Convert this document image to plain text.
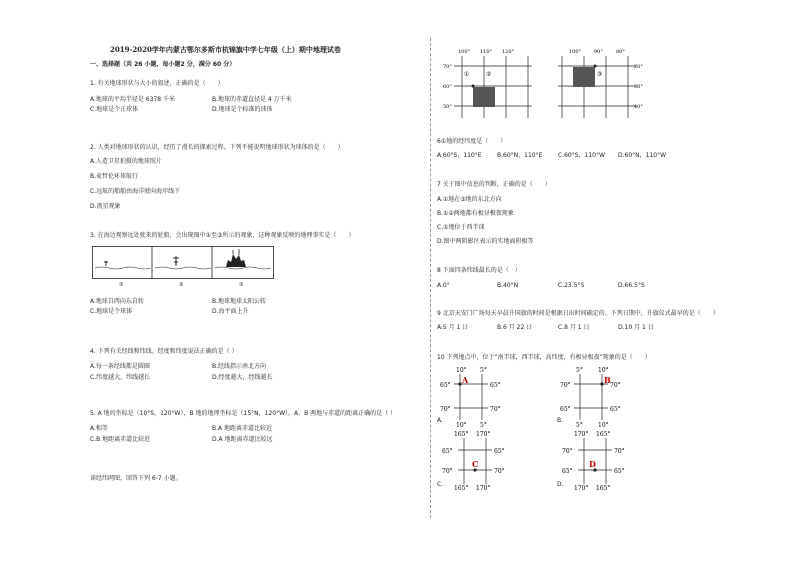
2019-2020学年内蒙古鄂尔多斯市杭锦旗中学七年级（上）期中地理试卷
一、选择题（共 26 小题，每小题2 分，满分 60 分）
1. 有关地球形状与大小的叙述，正确的是（　　）
A.地球的平均半径是 6378 千米	B.地球的赤道直径是 4 万千米
C.地球是个正球体	D.地球是个标准的球体
2. 人类对地球形状的认识，经历了漫长的探索过程。下列不能说明地球形状为球体的是（　　）
A.人造卫星拍摄的地球照片
B.麦哲伦环球航行
C.远航的船舶由海洋驶向海岸线下
D.流星观象
3. 在海边观察远处驶来的轮船，会出现图中①至③所示的观象，这种观象反映的地理事实是（　　）
①	②	③
A.地球自西向东自转	B.地球地球太阳公转
C.地球是个球体	D.海平面上升
4. 下列有关经线和纬线、经度和纬度说法正确的是（ ）
A.每一条经线都是圆圈	B.经线指示南北方向
C.纬度越大，纬线越长	D.经度越大，经线越长
5. A 地的坐标是（10°S，120°W），B 地的地理坐标是（15°N，120°W），A、B 两地与赤道的距离正确的是（ ）
A.相等	B.A 地距离赤道比较近
C.B 地距离赤道比较近	D.A 地距离赤道比较远
读经纬网图，回答下列 6-7 小题。
100° 110° 120°
70°
60°
50°
①	②
100°	90°	80°
20°
30°
40°
③
6①地的经纬度是（　　）
A.60°S，110°E	B.60°N，110°E	C.60°S，110°W D.60°N，110°W
7 关于图中信息的判断，正确的是（　　）
A.①地在③地的东北方向
B.①②两地都有极昼极夜现象
C.①地位于西半球
D.图中两阴影区表示的实地面积相等
8 下面四条纬线最长的是（　）
A.0°	B.40°N	C.23.5°S	D.66.5°S
9 北京天安门广场每天早晨升国旗的时间是根据日出时间确定的。下列日期中，升旗仪式最早的是（　　）
A.5 月 1 日	B.6 月 22 日	C.8 月 1 日	D.10 月 1 日
10 下列地点中，位于“南半球，西半球，高纬度，有极昼极夜”现象的是（　　）
10° 5°
65°
70°
65°
70°
10° 5°
A
A.
5°	10°
70°
65°
70°
65°
5°	10°
B
B.
165° 170°
65°
70°
65°
70°
165° 170°
C
C.
170° 165°
70°
65°
70°
65°
170° 165°
D
D.
